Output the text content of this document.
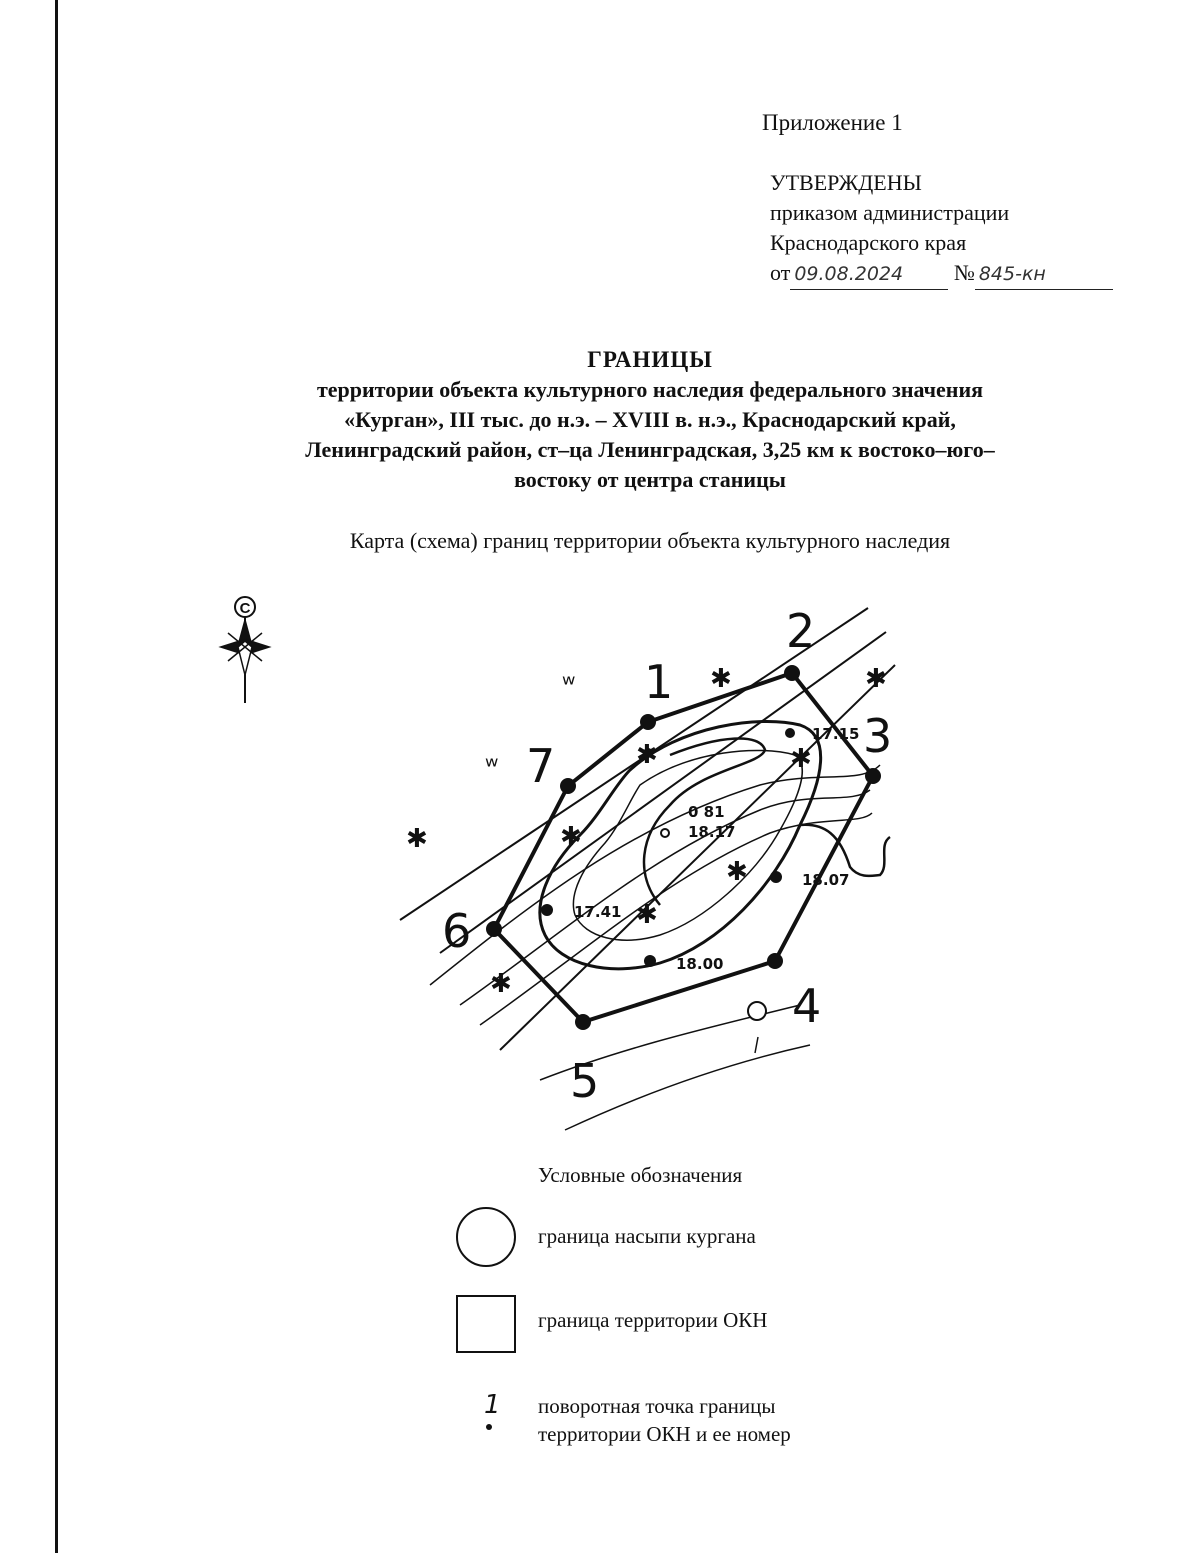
Приложение 1
УТВЕРЖДЕНЫ
приказом администрации
Краснодарского края
от 09.08.2024 № 845-кн
ГРАНИЦЫ
территории объекта культурного наследия федерального значения
«Курган», III тыс. до н.э. – XVIII в. н.э., Краснодарский край,
Ленинградский район, ст–ца Ленинградская, 3,25 км к востоко–юго–
востоку от центра станицы
Карта (схема) границ территории объекта культурного наследия
С
1
2
3
4
5
6
7
17.15
0 81
18.17
18.07
17.41
18.00
✱	✱
✱
✱
✱
✱
✱
✱
✱
ʷ
ʷ
Условные обозначения
граница насыпи кургана
граница территории ОКН
1 поворотная точка границы
территории ОКН и ее номер
